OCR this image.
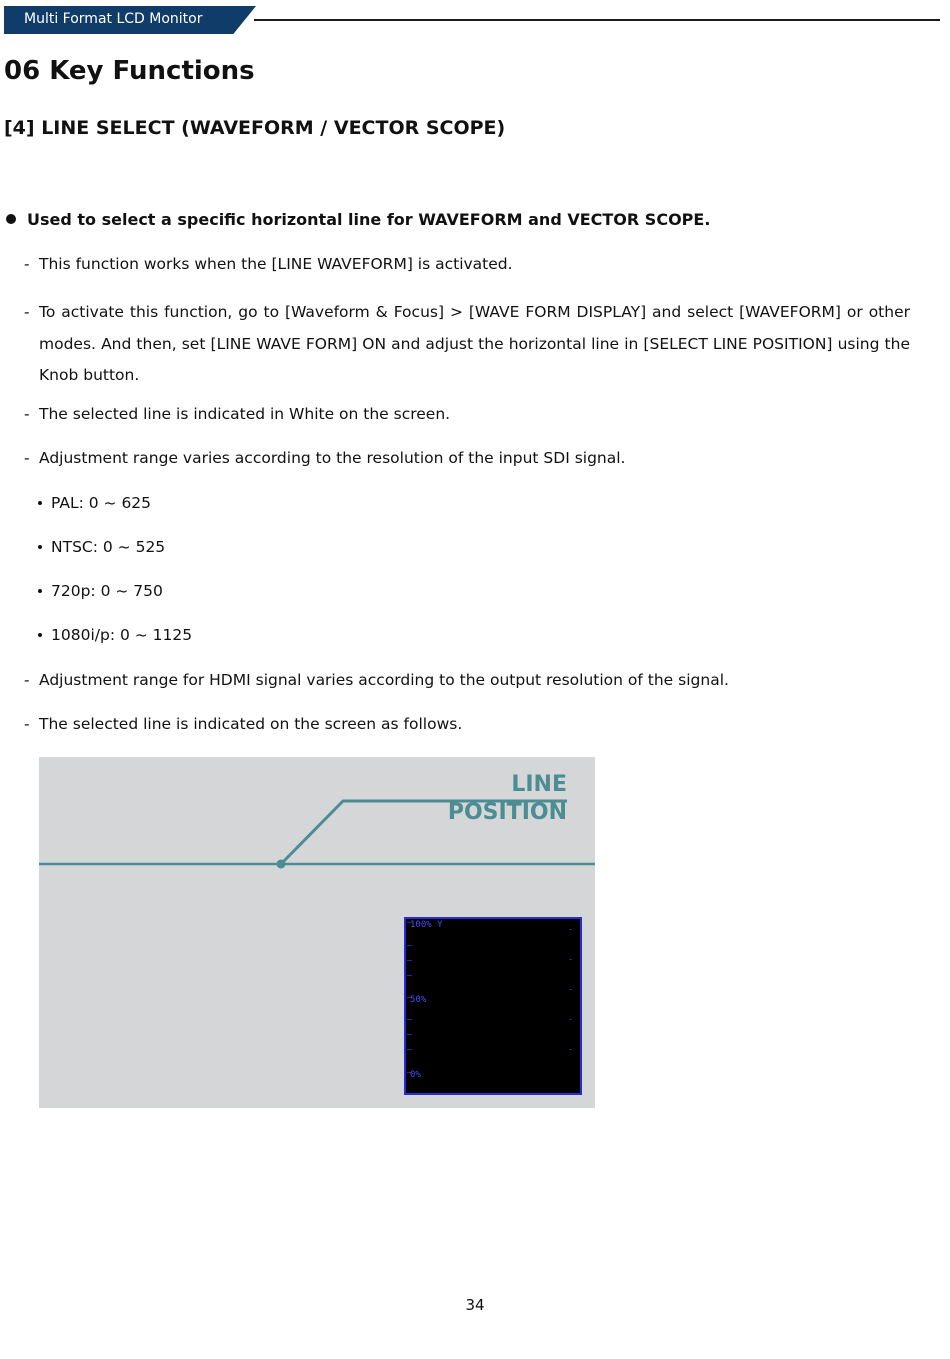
Multi Format LCD Monitor
06 Key Functions
[4] LINE SELECT (WAVEFORM / VECTOR SCOPE)
Used to select a specific horizontal line for WAVEFORM and VECTOR SCOPE.
- This function works when the [LINE WAVEFORM] is activated.
- To activate this function, go to [Waveform & Focus] > [WAVE FORM DISPLAY] and select [WAVEFORM] or other modes. And then, set [LINE WAVE FORM] ON and adjust the horizontal line in [SELECT LINE POSITION] using the Knob button.
- The selected line is indicated in White on the screen.
- Adjustment range varies according to the resolution of the input SDI signal.
PAL: 0 ~ 625
NTSC: 0 ~ 525
720p: 0 ~ 750
1080i/p: 0 ~ 1125
- Adjustment range for HDMI signal varies according to the output resolution of the signal.
- The selected line is indicated on the screen as follows.
LINE
POSITION
100% Y
50%
0%
34
